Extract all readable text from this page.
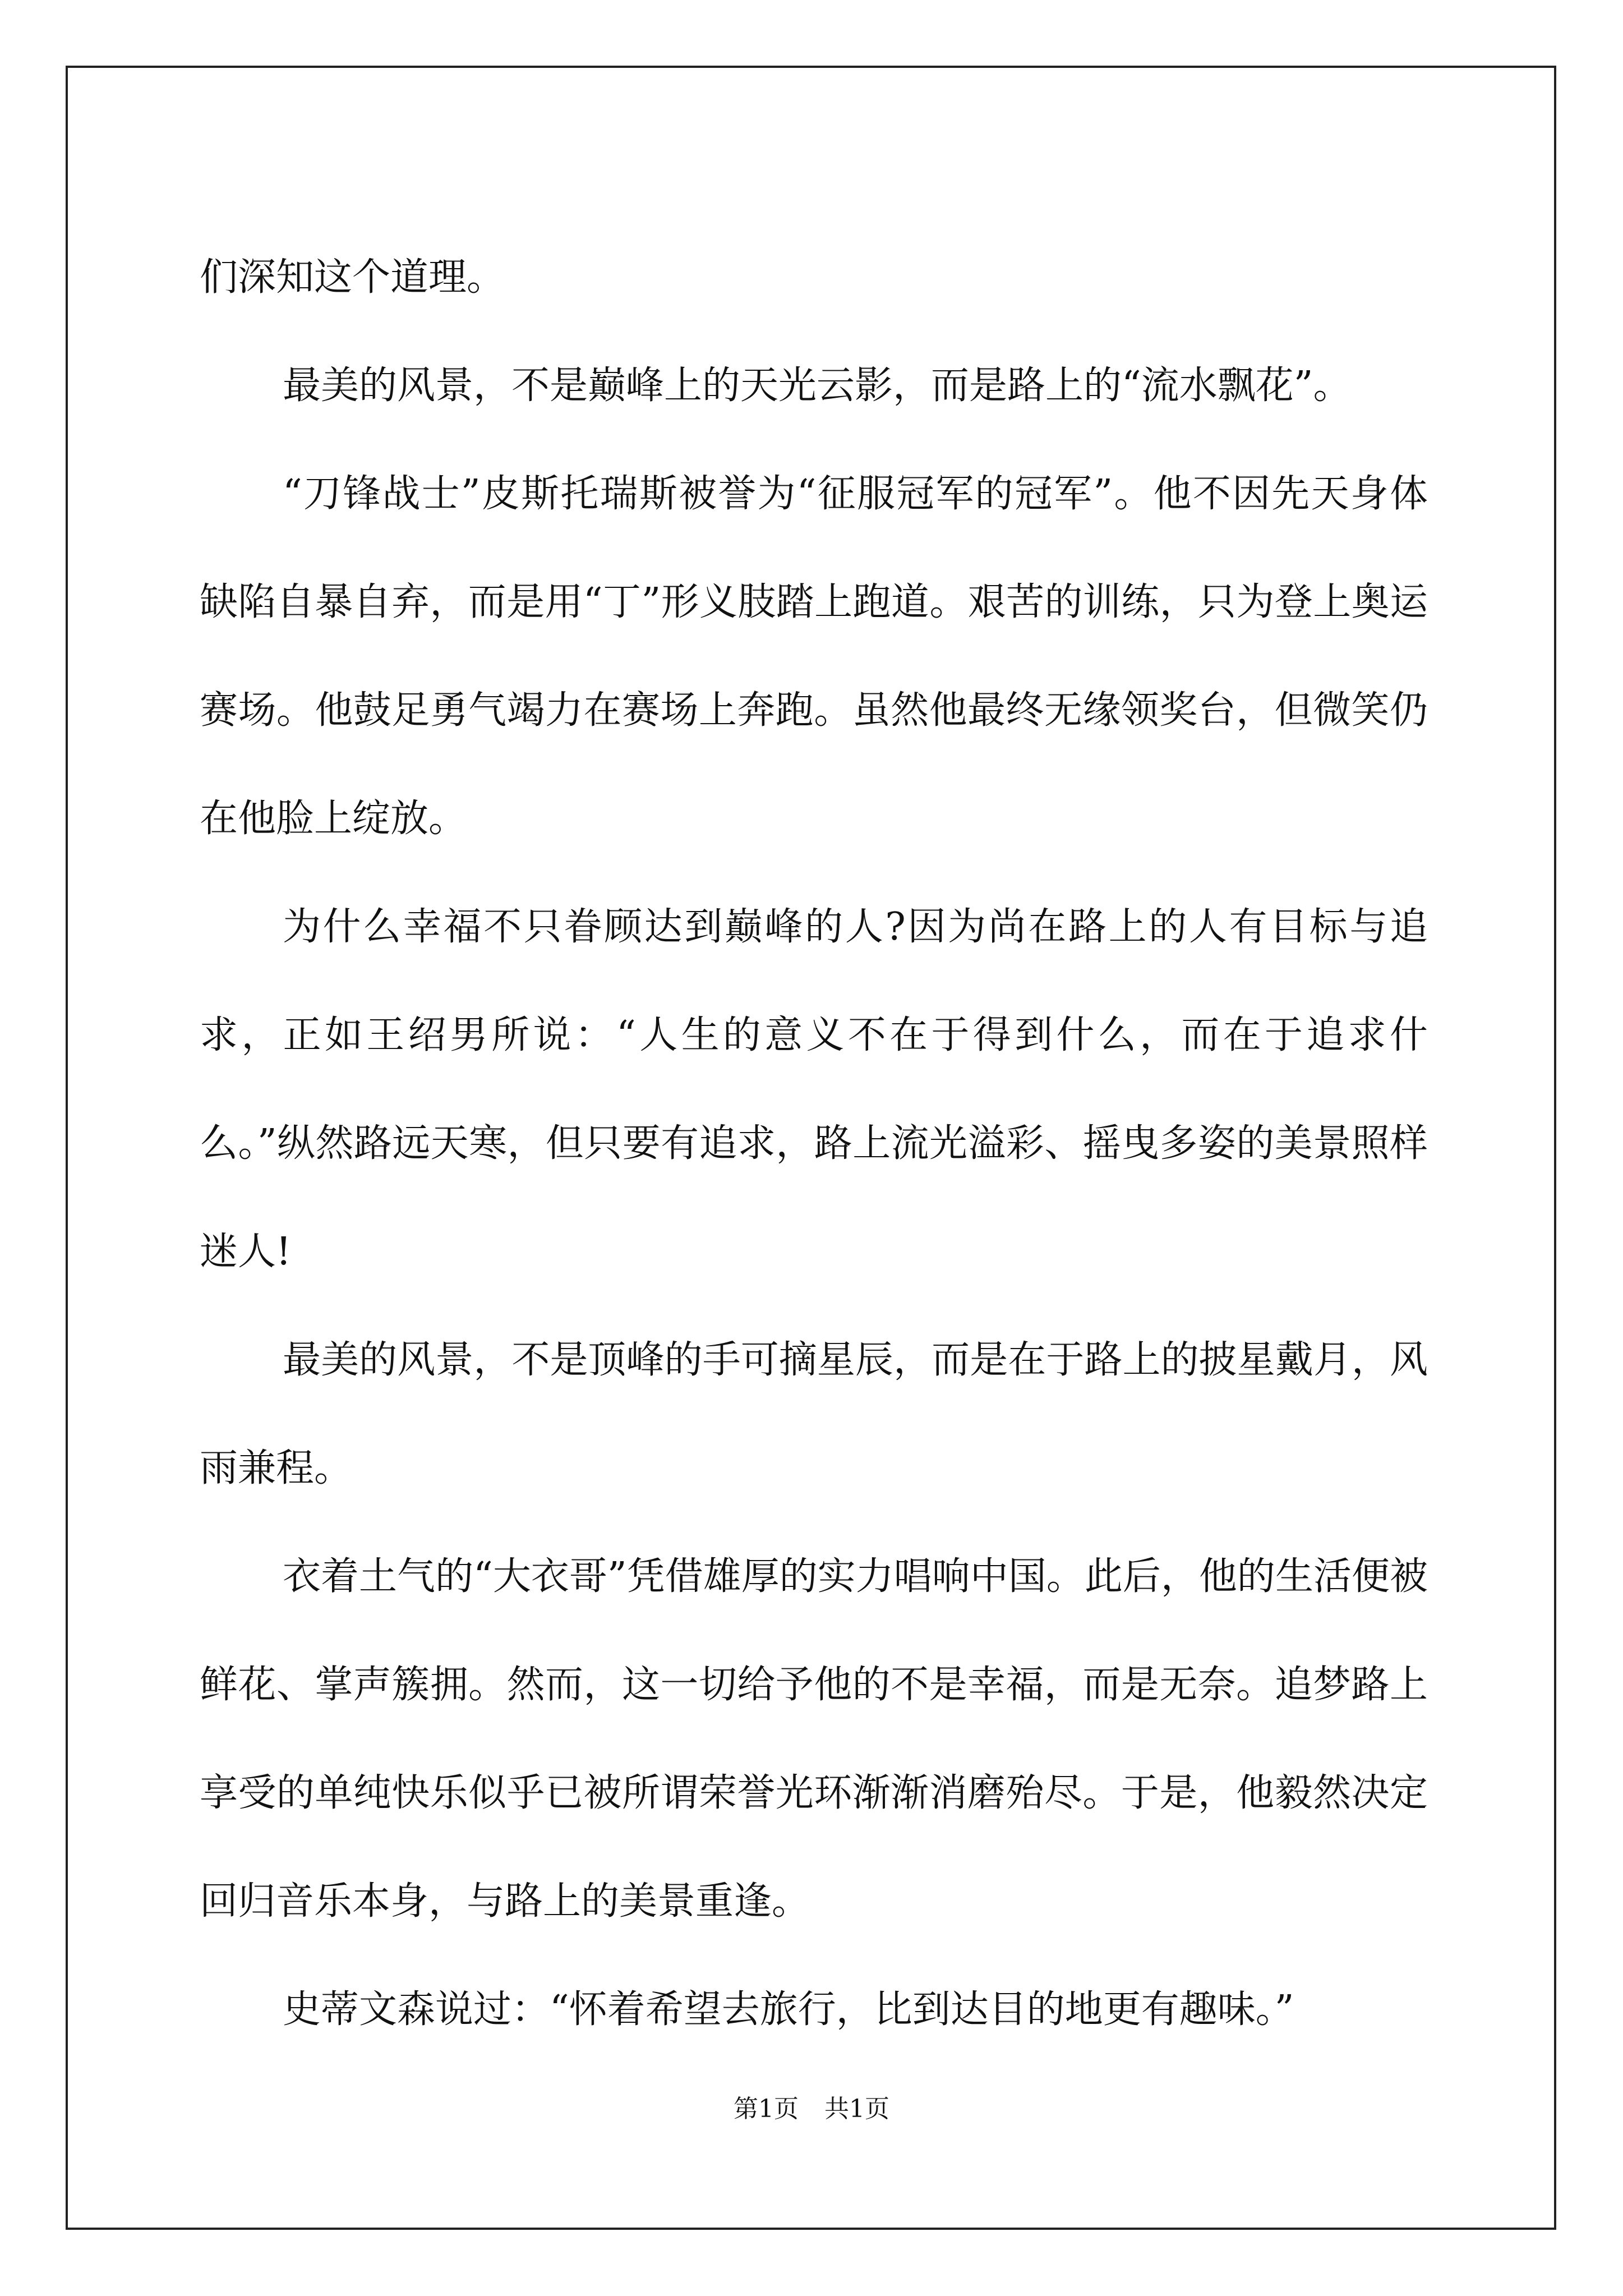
们深知这个道理。

最美的风景，不是巅峰上的天光云影，而是路上的“流水飘花”。

“刀锋战士”皮斯托瑞斯被誉为“征服冠军的冠军”。他不因先天身体缺陷自暴自弃，而是用“丁”形义肢踏上跑道。艰苦的训练，只为登上奥运赛场。他鼓足勇气竭力在赛场上奔跑。虽然他最终无缘领奖台，但微笑仍在他脸上绽放。

为什么幸福不只眷顾达到巅峰的人?因为尚在路上的人有目标与追求，正如王绍男所说：“人生的意义不在于得到什么，而在于追求什么。”纵然路远天寒，但只要有追求，路上流光溢彩、摇曳多姿的美景照样迷人!

最美的风景，不是顶峰的手可摘星辰，而是在于路上的披星戴月，风雨兼程。

衣着土气的“大衣哥”凭借雄厚的实力唱响中国。此后，他的生活便被鲜花、掌声簇拥。然而，这一切给予他的不是幸福，而是无奈。追梦路上享受的单纯快乐似乎已被所谓荣誉光环渐渐消磨殆尽。于是，他毅然决定回归音乐本身，与路上的美景重逢。

史蒂文森说过：“怀着希望去旅行，比到达目的地更有趣味。”

第1页 共1页
